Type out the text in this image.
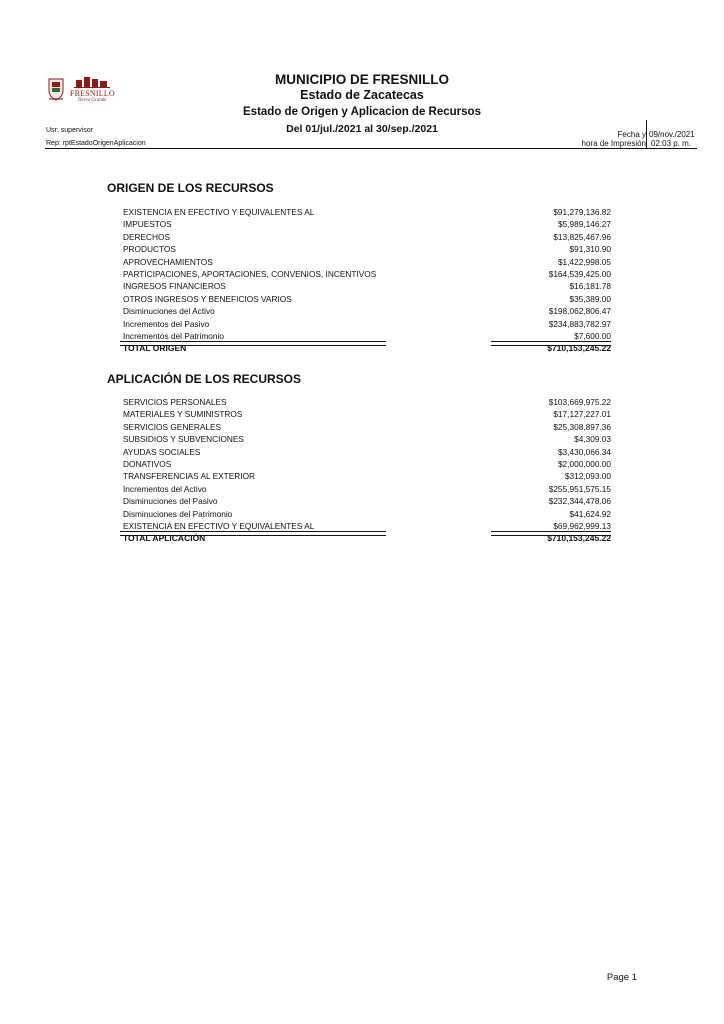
FRESNILLO
Tierra Grande
MUNICIPIO DE FRESNILLO
Estado de Zacatecas
Estado de Origen y Aplicacion de Recursos
Del 01/jul./2021 al 30/sep./2021
Usr: supervisor
Rep: rptEstadoOrigenAplicacion
Fecha y 09/nov./2021
hora de Impresión 02:03 p. m.
ORIGEN DE LOS RECURSOS
EXISTENCIA EN EFECTIVO Y EQUIVALENTES AL	$91,279,136.82
IMPUESTOS	$5,989,146.27
DERECHOS	$13,825,467.96
PRODUCTOS	$91,310.90
APROVECHAMIENTOS	$1,422,998.05
PARTICIPACIONES, APORTACIONES, CONVENIOS, INCENTIVOS	$164,539,425.00
INGRESOS FINANCIEROS	$16,181.78
OTROS INGRESOS Y BENEFICIOS VARIOS	$35,389.00
Disminuciones del Activo	$198,062,806.47
Incrementos del Pasivo	$234,883,782.97
Incrementos del Patrimonio	$7,600.00
TOTAL ORIGEN	$710,153,245.22
APLICACIÓN DE LOS RECURSOS
SERVICIOS PERSONALES	$103,669,975.22
MATERIALES Y SUMINISTROS	$17,127,227.01
SERVICIOS GENERALES	$25,308,897.36
SUBSIDIOS Y SUBVENCIONES	$4,309.03
AYUDAS SOCIALES	$3,430,066.34
DONATIVOS	$2,000,000.00
TRANSFERENCIAS AL EXTERIOR	$312,093.00
Incrementos del Activo	$255,951,575.15
Disminuciones del Pasivo	$232,344,478.06
Disminuciones del Patrimonio	$41,624.92
EXISTENCIA EN EFECTIVO Y EQUIVALENTES AL	$69,962,999.13
TOTAL APLICACIÓN	$710,153,245.22
Page 1
